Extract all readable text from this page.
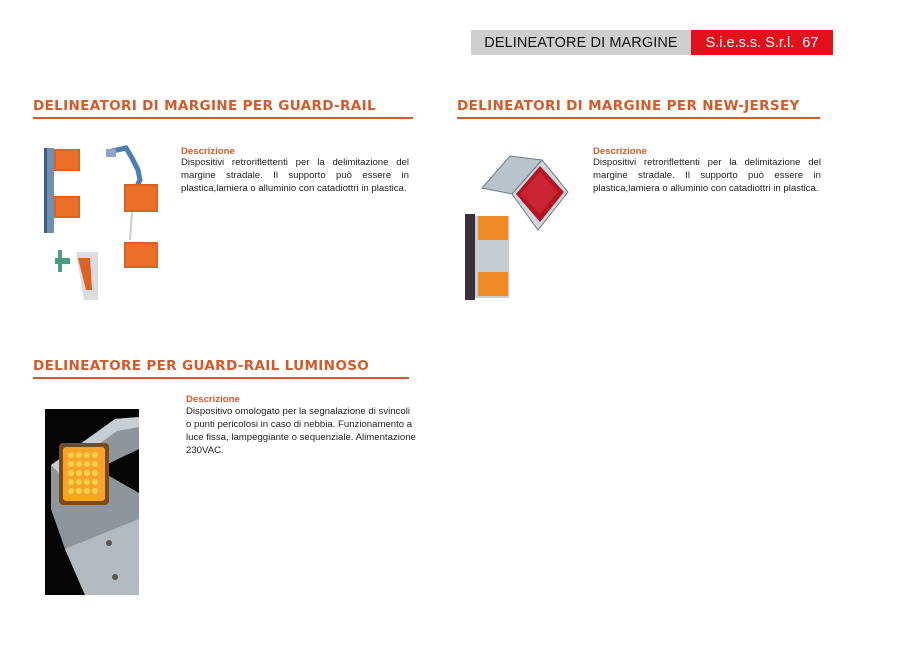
DELINEATORE DI MARGINE	S.i.e.s.s. S.r.l.
67
DELINEATORI DI MARGINE PER GUARD-RAIL
Descrizione
Dispositivi retroriflettenti per la delimitazione del margine stradale. Il supporto può essere in plastica,lamiera o alluminio con catadiottri in plastica.
DELINEATORI DI MARGINE PER NEW-JERSEY
Descrizione
Dispositivi retroriflettenti per la delimitazione del margine stradale. Il supporto può essere in plastica,lamiera o alluminio con catadiottri in plastica.
DELINEATORE PER GUARD-RAIL LUMINOSO
Descrizione
Dispositivo omologato per la segnalazione di svincoli o punti pericolosi in caso di nebbia. Funzionamento a luce fissa, lampeggiante o sequenziale. Alimentazione 230VAC.
